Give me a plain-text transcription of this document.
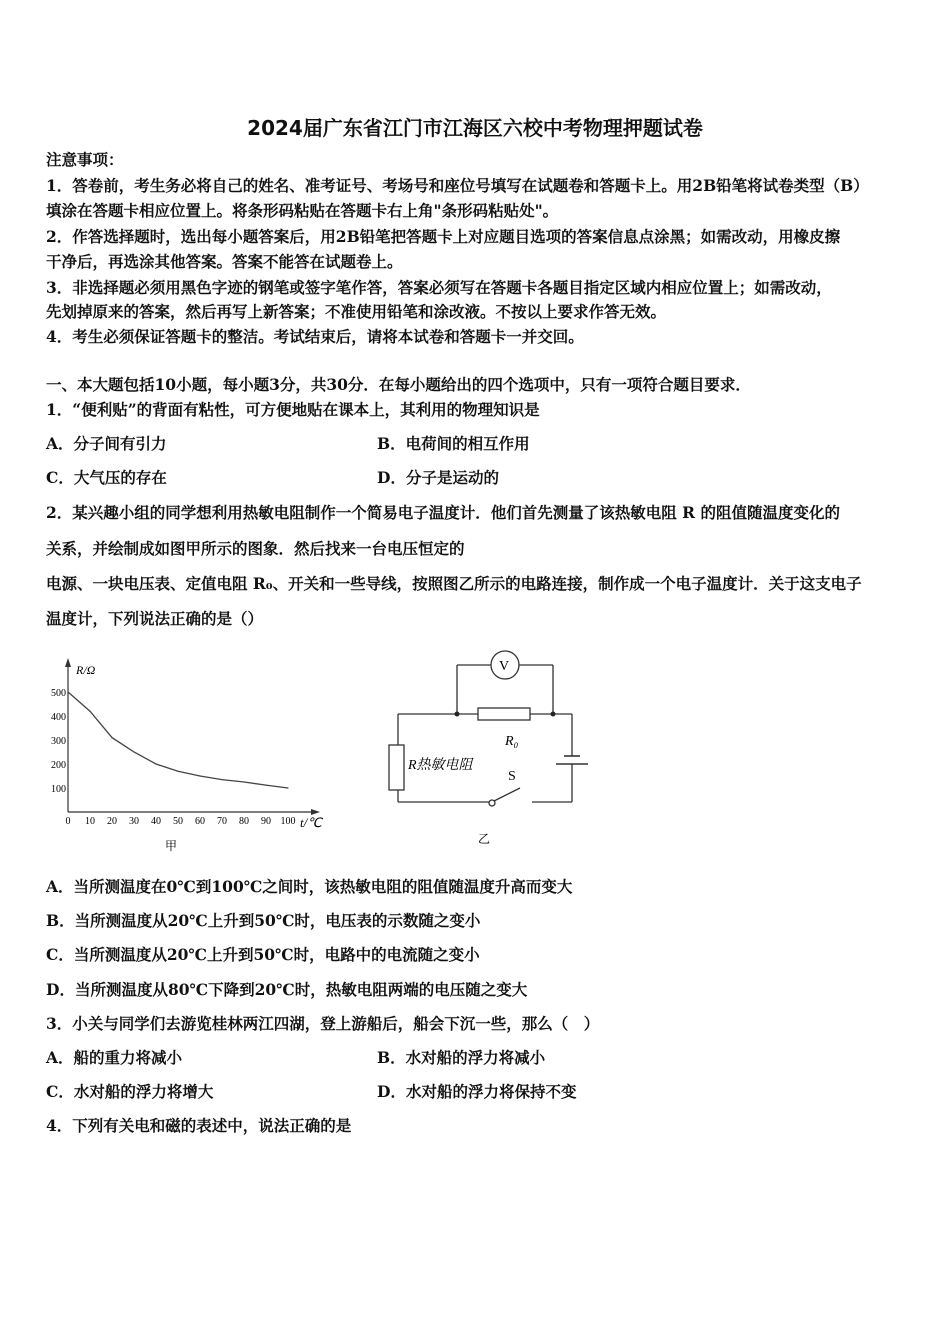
2024届广东省江门市江海区六校中考物理押题试卷
注意事项：
1．答卷前，考生务必将自己的姓名、准考证号、考场号和座位号填写在试题卷和答题卡上。用2B铅笔将试卷类型（B）
填涂在答题卡相应位置上。将条形码粘贴在答题卡右上角"条形码粘贴处"。
2．作答选择题时，选出每小题答案后，用2B铅笔把答题卡上对应题目选项的答案信息点涂黑；如需改动，用橡皮擦
干净后，再选涂其他答案。答案不能答在试题卷上。
3．非选择题必须用黑色字迹的钢笔或签字笔作答，答案必须写在答题卡各题目指定区域内相应位置上；如需改动，
先划掉原来的答案，然后再写上新答案；不准使用铅笔和涂改液。不按以上要求作答无效。
4．考生必须保证答题卡的整洁。考试结束后，请将本试卷和答题卡一并交回。
一、本大题包括10小题，每小题3分，共30分．在每小题给出的四个选项中，只有一项符合题目要求．
1．“便利贴”的背面有粘性，可方便地贴在课本上，其利用的物理知识是
A．分子间有引力	B．电荷间的相互作用
C．大气压的存在	D．分子是运动的
2．某兴趣小组的同学想利用热敏电阻制作一个简易电子温度计．他们首先测量了该热敏电阻 R 的阻值随温度变化的
关系，并绘制成如图甲所示的图象．然后找来一台电压恒定的
电源、一块电压表、定值电阻 R₀、开关和一些导线，按照图乙所示的电路连接，制作成一个电子温度计．关于这支电子
温度计，下列说法正确的是（）
R/Ω
t/℃
0 10 20 30 40 50 60 70 80 90 100
100
200
300
400
500
甲
V
R₀
R热敏电阻
S
乙
A．当所测温度在0℃到100℃之间时，该热敏电阻的阻值随温度升高而变大
B．当所测温度从20℃上升到50℃时，电压表的示数随之变小
C．当所测温度从20℃上升到50℃时，电路中的电流随之变小
D．当所测温度从80℃下降到20℃时，热敏电阻两端的电压随之变大
3．小关与同学们去游览桂林两江四湖，登上游船后，船会下沉一些，那么（　）
A．船的重力将减小	B．水对船的浮力将减小
C．水对船的浮力将增大	D．水对船的浮力将保持不变
4．下列有关电和磁的表述中，说法正确的是
